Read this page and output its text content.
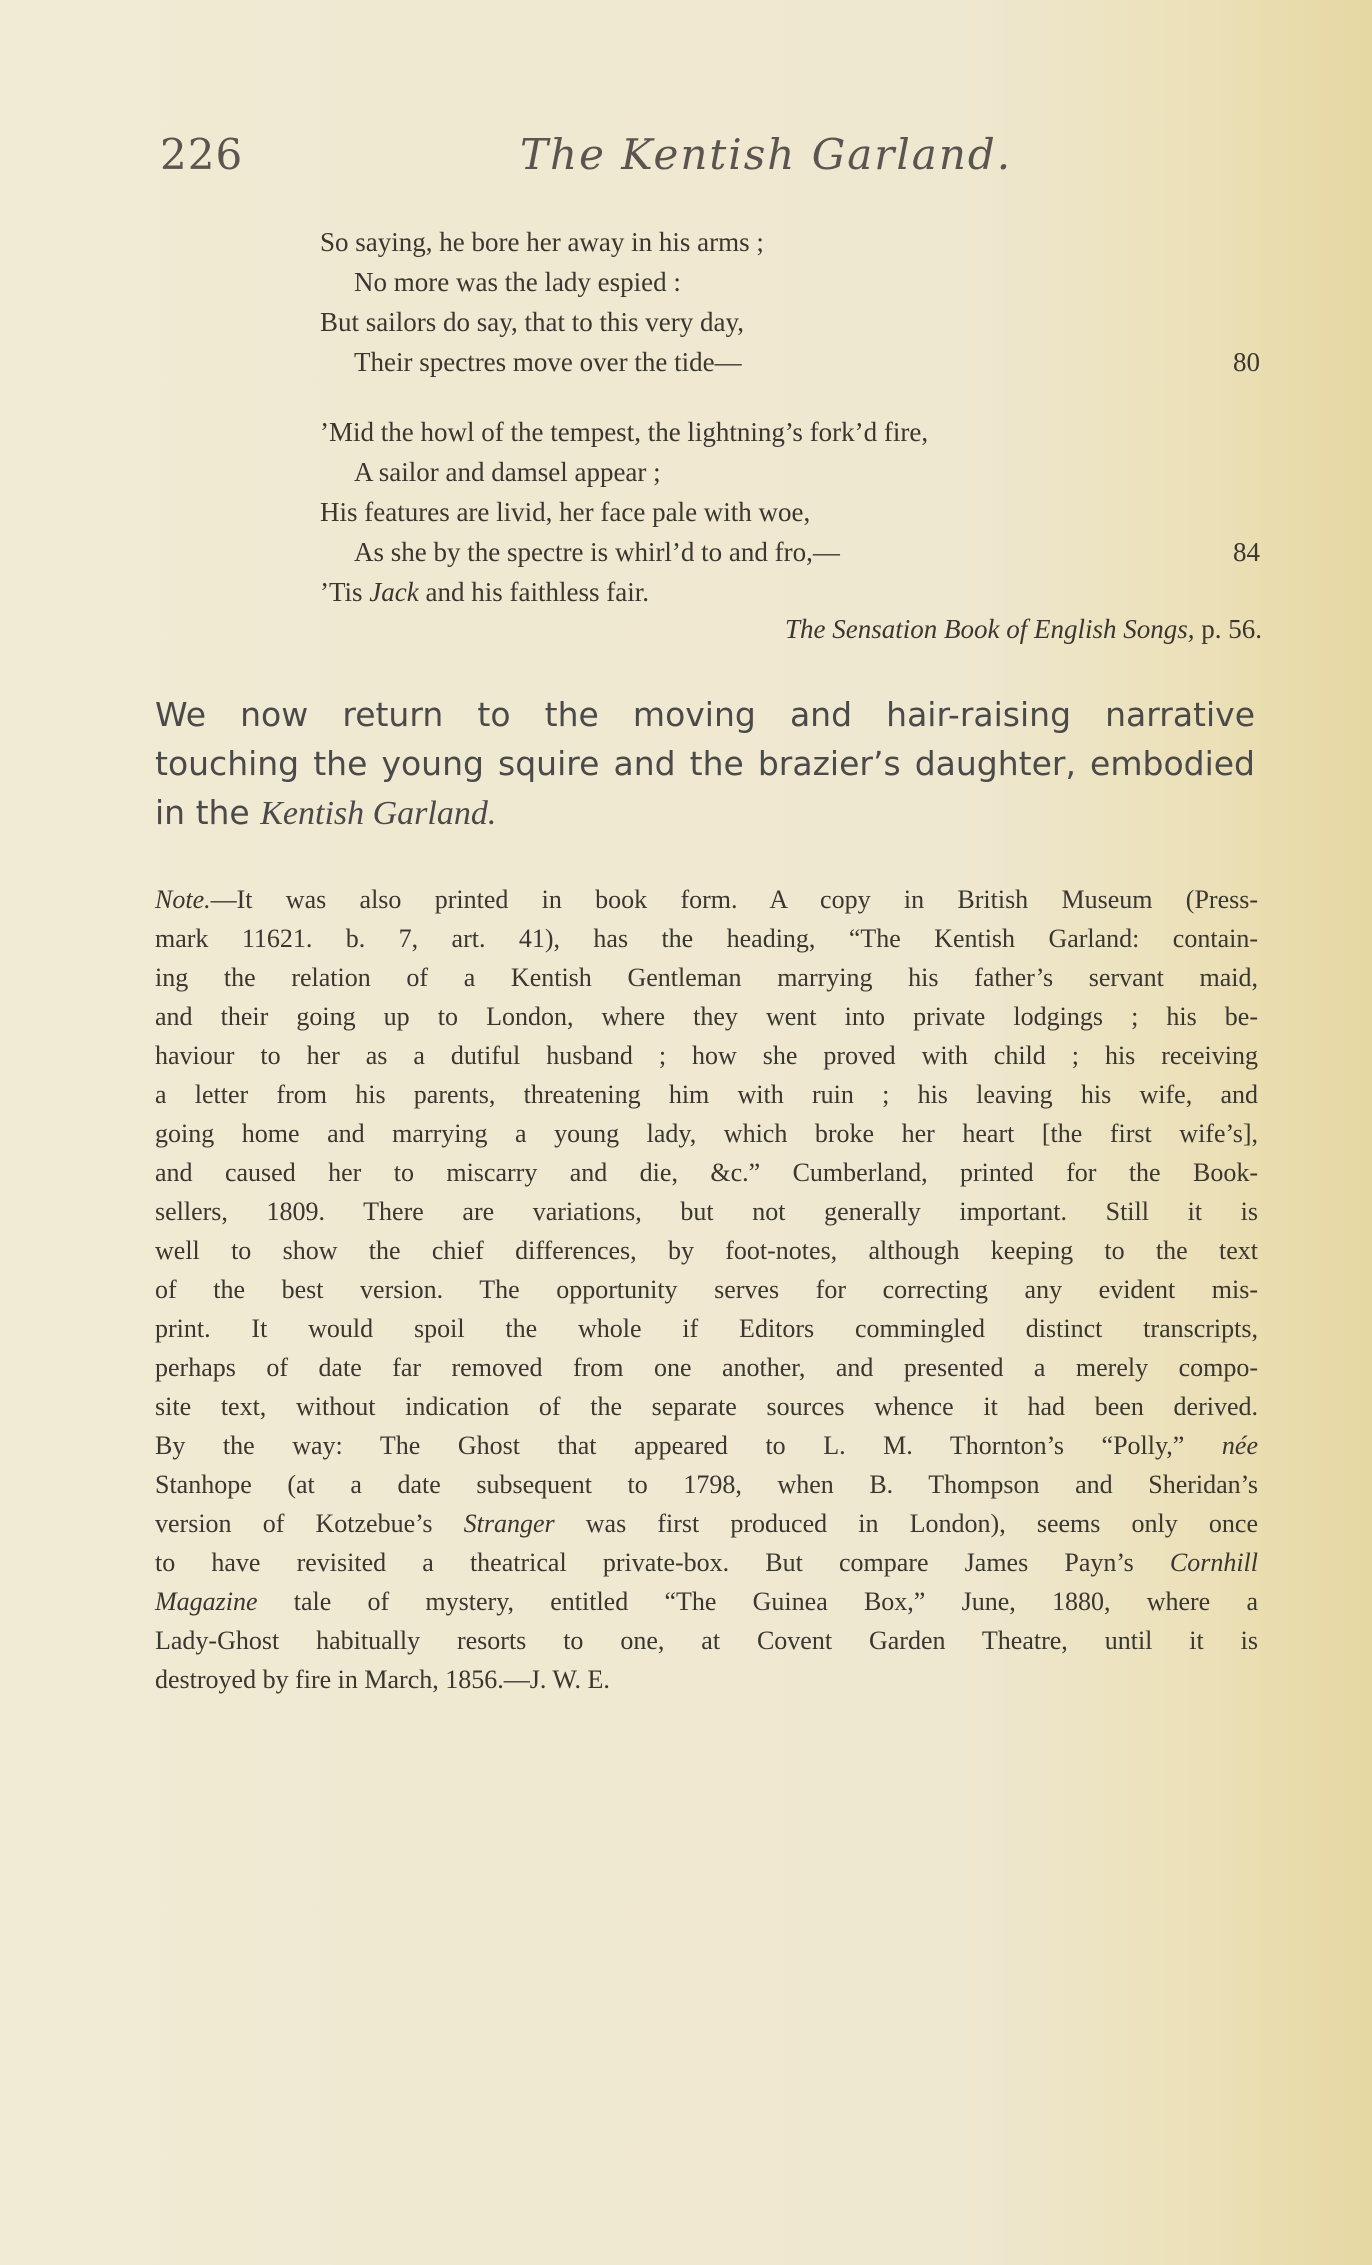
226	The Kentish Garland.
So saying, he bore her away in his arms ;
No more was the lady espied :
But sailors do say, that to this very day,
Their spectres move over the tide—	80
’Mid the howl of the tempest, the lightning’s fork’d fire,
A sailor and damsel appear ;
His features are livid, her face pale with woe,
As she by the spectre is whirl’d to and fro,—	84
’Tis Jack and his faithless fair.
The Sensation Book of English Songs, p. 56.
We now return to the moving and hair-raising narrative
touching the young squire and the brazier’s daughter, embodied
in the Kentish Garland.
Note.—It was also printed in book form. A copy in British Museum (Press-
mark 11621. b. 7, art. 41), has the heading, “The Kentish Garland: contain-
ing the relation of a Kentish Gentleman marrying his father’s servant maid,
and their going up to London, where they went into private lodgings ; his be-
haviour to her as a dutiful husband ; how she proved with child ; his receiving
a letter from his parents, threatening him with ruin ; his leaving his wife, and
going home and marrying a young lady, which broke her heart [the first wife’s],
and caused her to miscarry and die, &c.” Cumberland, printed for the Book-
sellers, 1809. There are variations, but not generally important. Still it is
well to show the chief differences, by foot-notes, although keeping to the text
of the best version. The opportunity serves for correcting any evident mis-
print. It would spoil the whole if Editors commingled distinct transcripts,
perhaps of date far removed from one another, and presented a merely compo-
site text, without indication of the separate sources whence it had been derived.
By the way: The Ghost that appeared to L. M. Thornton’s “Polly,” née
Stanhope (at a date subsequent to 1798, when B. Thompson and Sheridan’s
version of Kotzebue’s Stranger was first produced in London), seems only once
to have revisited a theatrical private-box. But compare James Payn’s Cornhill
Magazine tale of mystery, entitled “The Guinea Box,” June, 1880, where a
Lady-Ghost habitually resorts to one, at Covent Garden Theatre, until it is
destroyed by fire in March, 1856.—J. W. E.
